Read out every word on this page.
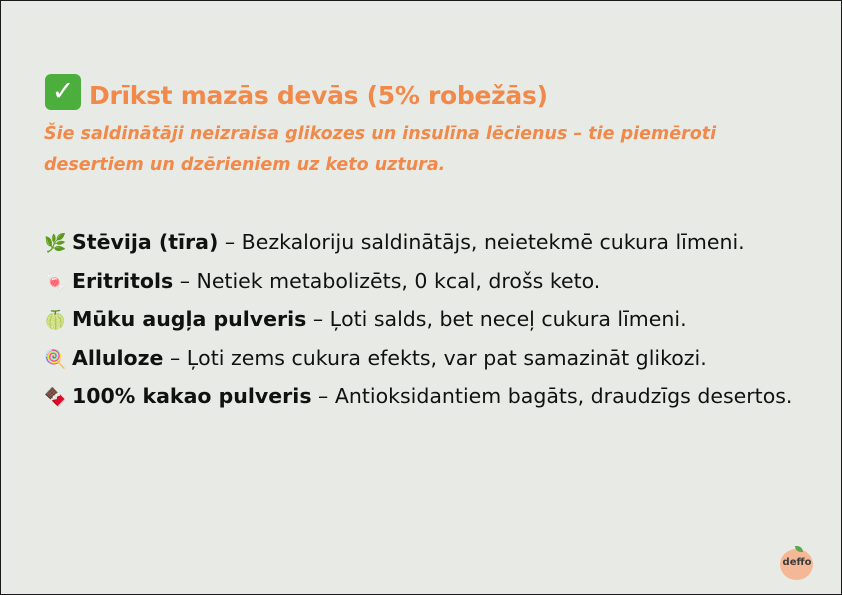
✓ Drīkst mazās devās (5% robežās)
Šie saldinātāji neizraisa glikozes un insulīna lēcienus – tie piemēroti desertiem un dzērieniem uz keto uztura.
🌿 Stēvija (tīra) – Bezkaloriju saldinātājs, neietekmē cukura līmeni.
🍬 Eritritols – Netiek metabolizēts, 0 kcal, drošs keto.
🍈 Mūku augļa pulveris – Ļoti salds, bet neceļ cukura līmeni.
🍭 Alluloze – Ļoti zems cukura efekts, var pat samazināt glikozi.
🍫 100% kakao pulveris – Antioksidantiem bagāts, draudzīgs desertos.
deffo
